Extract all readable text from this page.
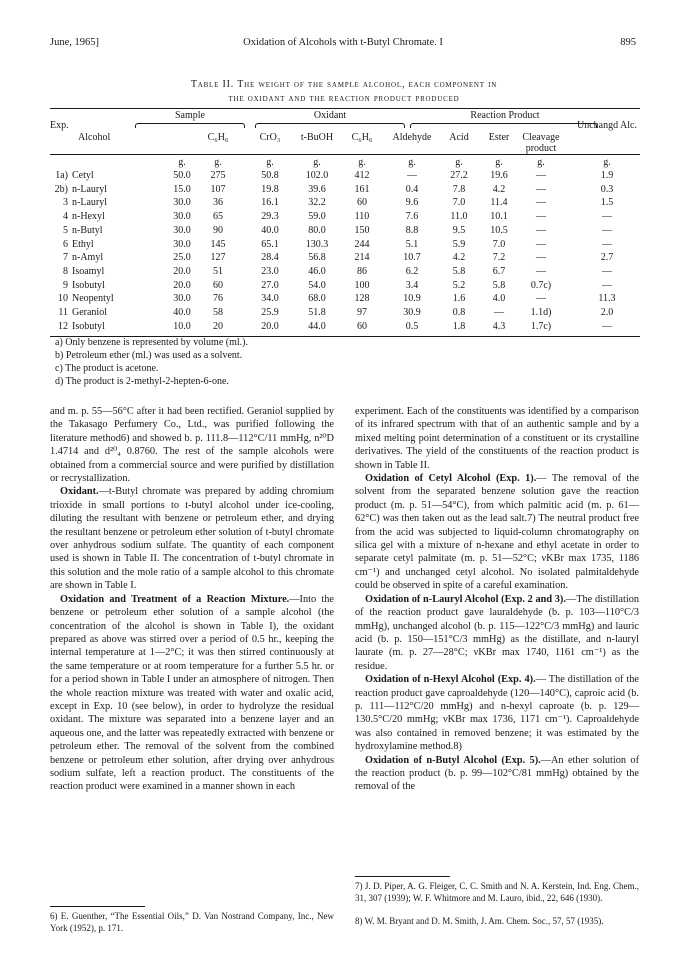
June, 1965]	Oxidation of Alcohols with t-Butyl Chromate. I	895
Table II. The weight of the sample alcohol, each component in
the oxidant and the reaction product produced
Sample	Oxidant	Reaction Product
Exp.
Alcohol	C₆H₆	CrO₃	t-BuOH	C₆H₆	Aldehyde	Acid	Ester	Cleavage product
Unchangd Alc.
g.	g.	g.	g.	g.	g.	g.	g.	g.	g.
1a) Cetyl	50.0	275	50.8	102.0	412	—	27.2	19.6	—	1.9
2b) n-Lauryl	15.0	107	19.8	39.6	161	0.4	7.8	4.2	—	0.3
3 n-Lauryl	30.0	36	16.1	32.2	60	9.6	7.0	11.4	—	1.5
4 n-Hexyl	30.0	65	29.3	59.0	110	7.6	11.0	10.1	—	—
5 n-Butyl	30.0	90	40.0	80.0	150	8.8	9.5	10.5	—	—
6 Ethyl	30.0	145	65.1	130.3	244	5.1	5.9	7.0	—	—
7 n-Amyl	25.0	127	28.4	56.8	214	10.7	4.2	7.2	—	2.7
8 Isoamyl	20.0	51	23.0	46.0	86	6.2	5.8	6.7	—	—
9 Isobutyl	20.0	60	27.0	54.0	100	3.4	5.2	5.8	0.7c)	—
10 Neopentyl	30.0	76	34.0	68.0	128	10.9	1.6	4.0	—	11.3
11 Geraniol	40.0	58	25.9	51.8	97	30.9	0.8	—	1.1d)	2.0
12 Isobutyl	10.0	20	20.0	44.0	60	0.5	1.8	4.3	1.7c)	—
a) Only benzene is represented by volume (ml.).
b) Petroleum ether (ml.) was used as a solvent.
c) The product is acetone.
d) The product is 2-methyl-2-hepten-6-one.

and m. p. 55—56°C after it had been rectified. Geraniol supplied by the Takasago Perfumery Co., Ltd., was purified following the literature method6) and showed b. p. 111.8—112°C/11 mmHg, n²⁰D 1.4714 and d²⁰₄ 0.8760. The rest of the sample alcohols were obtained from a commercial source and were purified by distillation or recrystallization.

Oxidant.—t-Butyl chromate was prepared by adding chromium trioxide in small portions to t-butyl alcohol under ice-cooling, diluting the resultant with benzene or petroleum ether, and drying the resultant benzene or petroleum ether solution of t-butyl chromate over anhydrous sodium sulfate. The quantity of each component used is shown in Table II. The concentration of t-butyl chromate in this solution and the mole ratio of a sample alcohol to this chromate are shown in Table I.

Oxidation and Treatment of a Reaction Mixture.—Into the benzene or petroleum ether solution of a sample alcohol (the concentration of the alcohol is shown in Table I), the oxidant prepared as above was stirred over a period of 0.5 hr., keeping the internal temperature at 1—2°C; it was then stirred continuously at the same temperature or at room temperature for a further 5.5 hr. or for a period shown in Table I under an atmosphere of nitrogen. Then the whole reaction mixture was treated with water and oxalic acid, except in Exp. 10 (see below), in order to hydrolyze the residual oxidant. The mixture was separated into a benzene layer and an aqueous one, and the latter was repeatedly extracted with benzene or petroleum ether. The removal of the solvent from the combined benzene or petroleum ether solution, after drying over anhydrous sodium sulfate, left a reaction product. The constituents of the reaction product were examined in a manner shown in each

6) E. Guenther, “The Essential Oils,” D. Van Nostrand Company, Inc., New York (1952), p. 171.

experiment. Each of the constituents was identified by a comparison of its infrared spectrum with that of an authentic sample and by a mixed melting point determination of a constituent or its crystalline derivatives. The yield of the constituents of the reaction product is shown in Table II.

Oxidation of Cetyl Alcohol (Exp. 1).— The removal of the solvent from the separated benzene solution gave the reaction product (m. p. 51—54°C), from which palmitic acid (m. p. 61—62°C) was then taken out as the lead salt.7) The neutral product free from the acid was subjected to liquid-column chromatography on silica gel with a mixture of n-hexane and ethyl acetate in order to separate cetyl palmitate (m. p. 51—52°C; νKBr max 1735, 1186 cm⁻¹) and unchanged cetyl alcohol. No isolated palmitaldehyde could be observed in spite of a careful examination.

Oxidation of n-Lauryl Alcohol (Exp. 2 and 3).—The distillation of the reaction product gave lauraldehyde (b. p. 103—110°C/3 mmHg), unchanged alcohol (b. p. 115—122°C/3 mmHg) and lauric acid (b. p. 150—151°C/3 mmHg) as the distillate, and n-lauryl laurate (m. p. 27—28°C; νKBr max 1740, 1161 cm⁻¹) as the residue.

Oxidation of n-Hexyl Alcohol (Exp. 4).— The distillation of the reaction product gave caproaldehyde (120—140°C), caproic acid (b. p. 111—112°C/20 mmHg) and n-hexyl caproate (b. p. 129—130.5°C/20 mmHg; νKBr max 1736, 1171 cm⁻¹). Caproaldehyde was also contained in removed benzene; it was estimated by the hydroxylamine method.8)

Oxidation of n-Butyl Alcohol (Exp. 5).—An ether solution of the reaction product (b. p. 99—102°C/81 mmHg) obtained by the removal of the

7) J. D. Piper, A. G. Fleiger, C. C. Smith and N. A. Kerstein, Ind. Eng. Chem., 31, 307 (1939); W. F. Whitmore and M. Lauro, ibid., 22, 646 (1930).
8) W. M. Bryant and D. M. Smith, J. Am. Chem. Soc., 57, 57 (1935).
